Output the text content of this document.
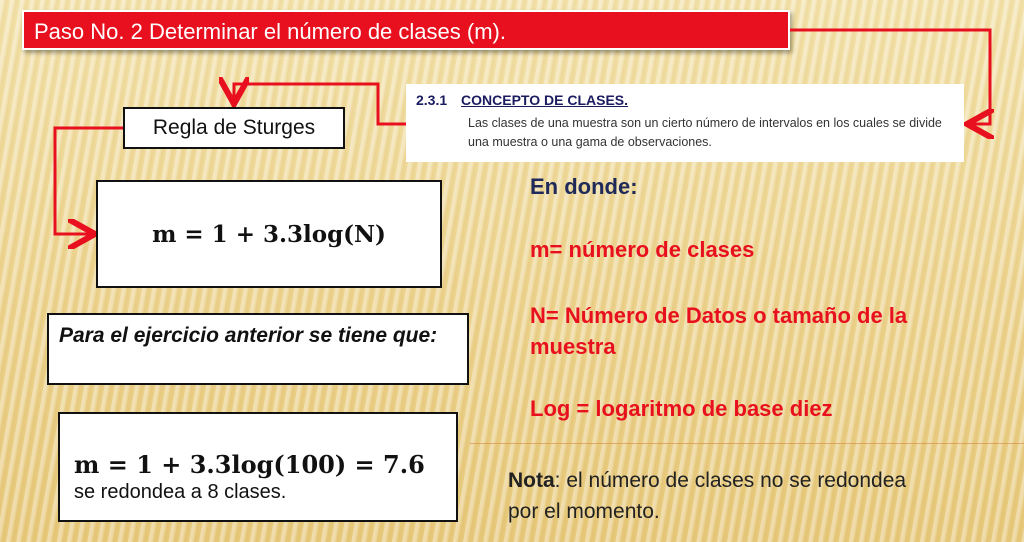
Paso No. 2 Determinar el número de clases (m).
Regla de Sturges
m = 1 + 3.3log(N)
Para el ejercicio anterior se tiene que:
m = 1 + 3.3log(100) = 7.6
se redondea a 8 clases.
2.3.1 CONCEPTO DE CLASES.
Las clases de una muestra son un cierto número de intervalos en los cuales se divide una muestra o una gama de observaciones.
En donde:
m= número de clases
N= Número de Datos o tamaño de la muestra
Log = logaritmo de base diez
Nota: el número de clases no se redondea por el momento.
